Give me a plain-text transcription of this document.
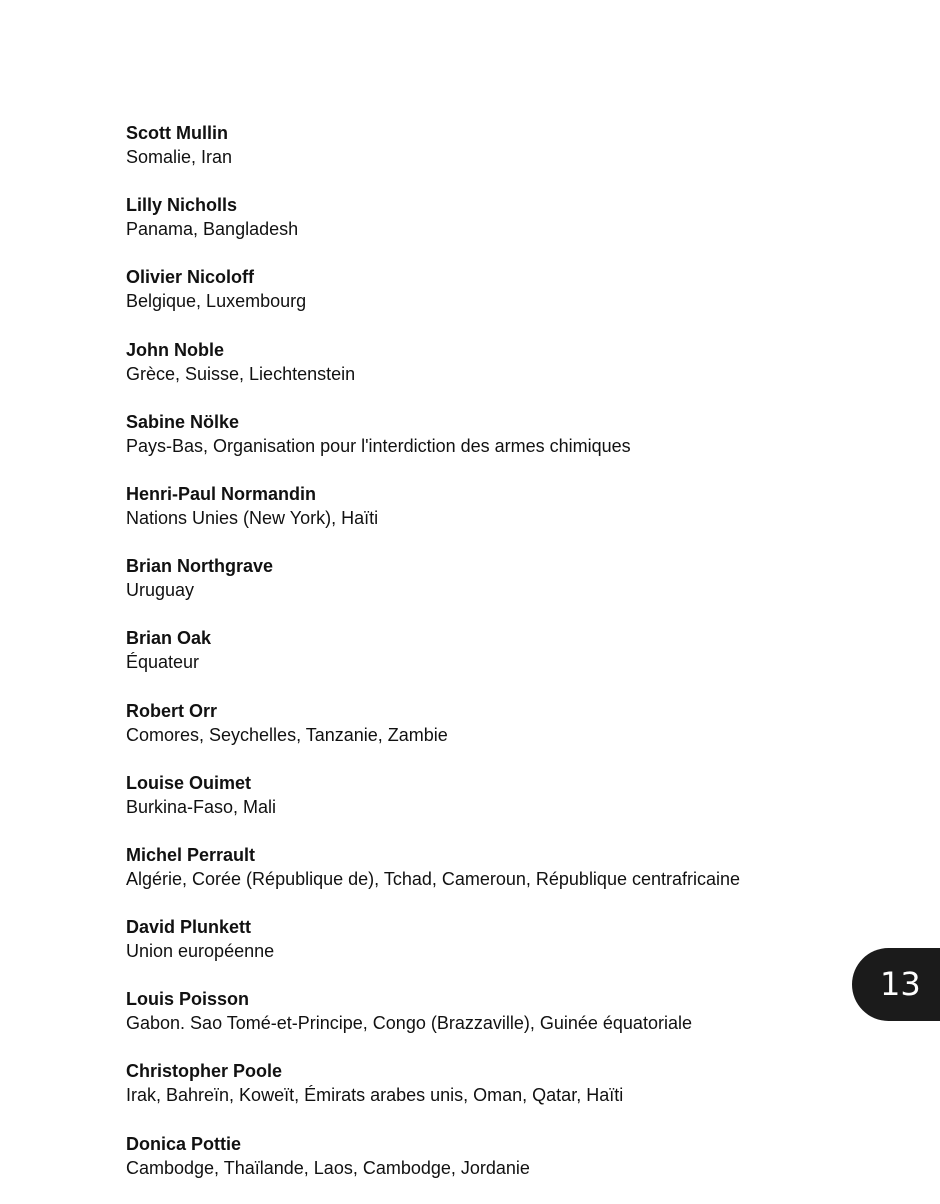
Scott Mullin
Somalie, Iran
Lilly Nicholls
Panama, Bangladesh
Olivier Nicoloff
Belgique, Luxembourg
John Noble
Grèce, Suisse, Liechtenstein
Sabine Nölke
Pays-Bas, Organisation pour l'interdiction des armes chimiques
Henri-Paul Normandin
Nations Unies (New York), Haïti
Brian Northgrave
Uruguay
Brian Oak
Équateur
Robert Orr
Comores, Seychelles, Tanzanie, Zambie
Louise Ouimet
Burkina-Faso, Mali
Michel Perrault
Algérie, Corée (République de), Tchad, Cameroun, République centrafricaine
David Plunkett
Union européenne
Louis Poisson
Gabon. Sao Tomé-et-Principe, Congo (Brazzaville), Guinée équatoriale
Christopher Poole
Irak, Bahreïn, Koweït, Émirats arabes unis, Oman, Qatar, Haïti
Donica Pottie
Cambodge, Thaïlande, Laos, Cambodge, Jordanie
13
